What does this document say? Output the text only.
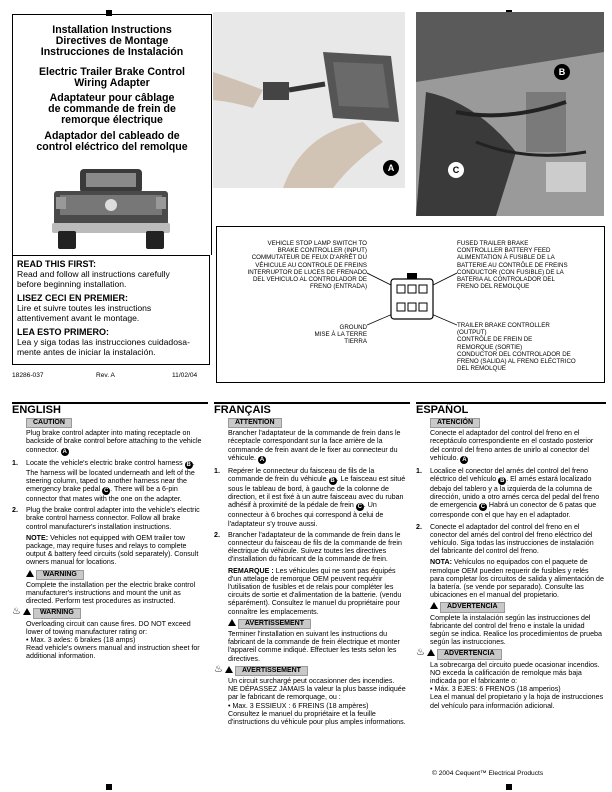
Installation Instructions

Directives de Montage

Instrucciones de Instalación

Electric Trailer Brake Control

Wiring Adapter

Adaptateur pour câblage

de commande de frein de

remorque électrique

Adaptador del cableado de

control eléctrico del remolque

READ THIS FIRST:
Read and follow all instructions carefully
before beginning installation.

LISEZ CECI EN PREMIER:
Lire et suivre toutes les instructions
attentivement avant le montage.

LEA ESTO PRIMERO:
Lea y siga todas las instrucciones cuidadosa-
mente antes de iniciar la instalación.

18286-037	Rev. A	11/02/04
A
B
C
VEHICLE STOP LAMP SWITCH TO
BRAKE CONTROLLER (INPUT)
COMMUTATEUR DE FEUX D'ARRÊT DU
VÉHICULE AU CONTROLE DE FREINS
INTERRUPTOR DE LUCES DE FRENADO
DEL VEHICULO AL CONTROLADOR DE
FRENO (ENTRADA)
GROUND
MISE À LA TERRE
TIERRA
FUSED TRAILER BRAKE
CONTROLLLER BATTERY FEED
ALIMENTATION À FUSIBLE DE LA
BATTERIE AU CONTRÔLE DE FREINS
CONDUCTOR (CON FUSIBLE) DE LA
BATERIA AL CONTROLADOR DEL
FRENO DEL REMOLQUE
TRAILER BRAKE CONTROLLER
(OUTPUT)
CONTRÔLE DE FREIN DE
REMORQUE (SORTIE)
CONDUCTOR DEL CONTROLADOR DE
FRENO (SALIDA) AL FRENO ELÉCTRICO
DEL REMOLQUE
ENGLISH	FRANÇAIS	ESPAÑOL
CAUTION

Plug brake control adapter into mating receptacle on backside of brake control before attaching to the vehicle connector. A

1.	Locate the vehicle's electric brake control harness B . The harness will be located underneath and left of the steering column, taped to another harness near the emergency brake pedal C . There will be a 6-pin connector that mates with the one on the adapter.
2.	Plug the brake control adapter into the vehicle's electric brake control harness connector. Follow all brake control manufacturer's installation instructions.

NOTE: Vehicles not equipped with OEM trailer tow package, may require fuses and relays to complete output & battery feed circuits (sold separately). Consult owners manual for locations.

WARNING

Complete the installation per the electric brake control manufacturer's instructions and mount the unit as directed. Perform test procedures as instructed.

♨	WARNING

Overloading circuit can cause fires. DO NOT exceed lower of towing manufacturer rating or:

• Max. 3 axles: 6 brakes (18 amps)

Read vehicle's owners manual and instruction sheet for additional information.

ATTENTION

Brancher l'adaptateur de la commande de frein dans le réceptacle correspondant sur la face arrière de la commande de frein avant de le fixer au connecteur du véhicule. A

1.	Repérer le connecteur du faisceau de fils de la commande de frein du véhicule B . Le faisceau est situé sous le tableau de bord, à gauche de la colonne de direction, et il est fixé à un autre faisceau avec du ruban adhésif à proximité de la pédale de frein C . Un connecteur à 6 broches qui correspond à celui de l'adaptateur s'y trouve aussi.
2.	Brancher l'adaptateur de la commande de frein dans le connecteur du faisceau de fils de la commande de frein électrique du véhicule. Suivez toutes les directives d'installation du fabricant de la commande de frein.

REMARQUE : Les véhicules qui ne sont pas équipés d'un attelage de remorque OEM peuvent requérir l'utilisation de fusibles et de relais pour compléter les circuits de sortie et d'alimentation de la batterie. (vendu séparément). Consultez le manuel du propriétaire pour connaître les emplacements.

AVERTISSEMENT

Terminer l'installation en suivant les instructions du fabricant de la commande de frein électrique et monter l'appareil comme indiqué. Effectuer les tests selon les directives.

♨	AVERTISSEMENT

Un circuit surchargé peut occasionner des incendies. NE DÉPASSEZ JAMAIS la valeur la plus basse indiquée par le fabricant de remorquage, ou :

• Max. 3 ESSIEUX : 6 FREINS (18 ampères)

Consultez le manuel du propriétaire et la feuille d'instructions du véhicule pour plus amples informations.

ATENCIÓN

Conecte el adaptador del control del freno en el receptáculo correspondiente en el costado posterior del control del freno antes de unirlo al conector del vehículo. A

1.	Localice el conector del arnés del control del freno eléctrico del vehículo B . El arnés estará localizado debajo del tablero y a la izquierda de la columna de dirección, unido a otro arnés cerca del pedal del freno de emergencia C Habrá un conector de 6 patas que corresponde con el que hay en el adaptador.
2.	Conecte el adaptador del control del freno en el conector del arnés del control del freno eléctrico del vehículo. Siga todas las instrucciones de instalación del fabricante del control del freno.

NOTA: Vehículos no equipados con el paquete de remolque OEM pueden requerir de fusibles y relés para completar los circuitos de salida y alimentación de la batería. (se vende por separado). Consulte las ubicaciones en el manual del propietario.

ADVERTENCIA

Complete la instalación según las instrucciones del fabricante del control del freno e instale la unidad según se indica. Realice los procedimientos de prueba según las instrucciones.

♨	ADVERTENCIA

La sobrecarga del circuito puede ocasionar incendios. NO exceda la calificación de remolque más baja indicada por el fabricante o:

• Máx. 3 EJES: 6 FRENOS (18 amperios)

Lea el manual del propietario y la hoja de instrucciones del vehículo para información adicional.

© 2004 Cequent™ Electrical Products
